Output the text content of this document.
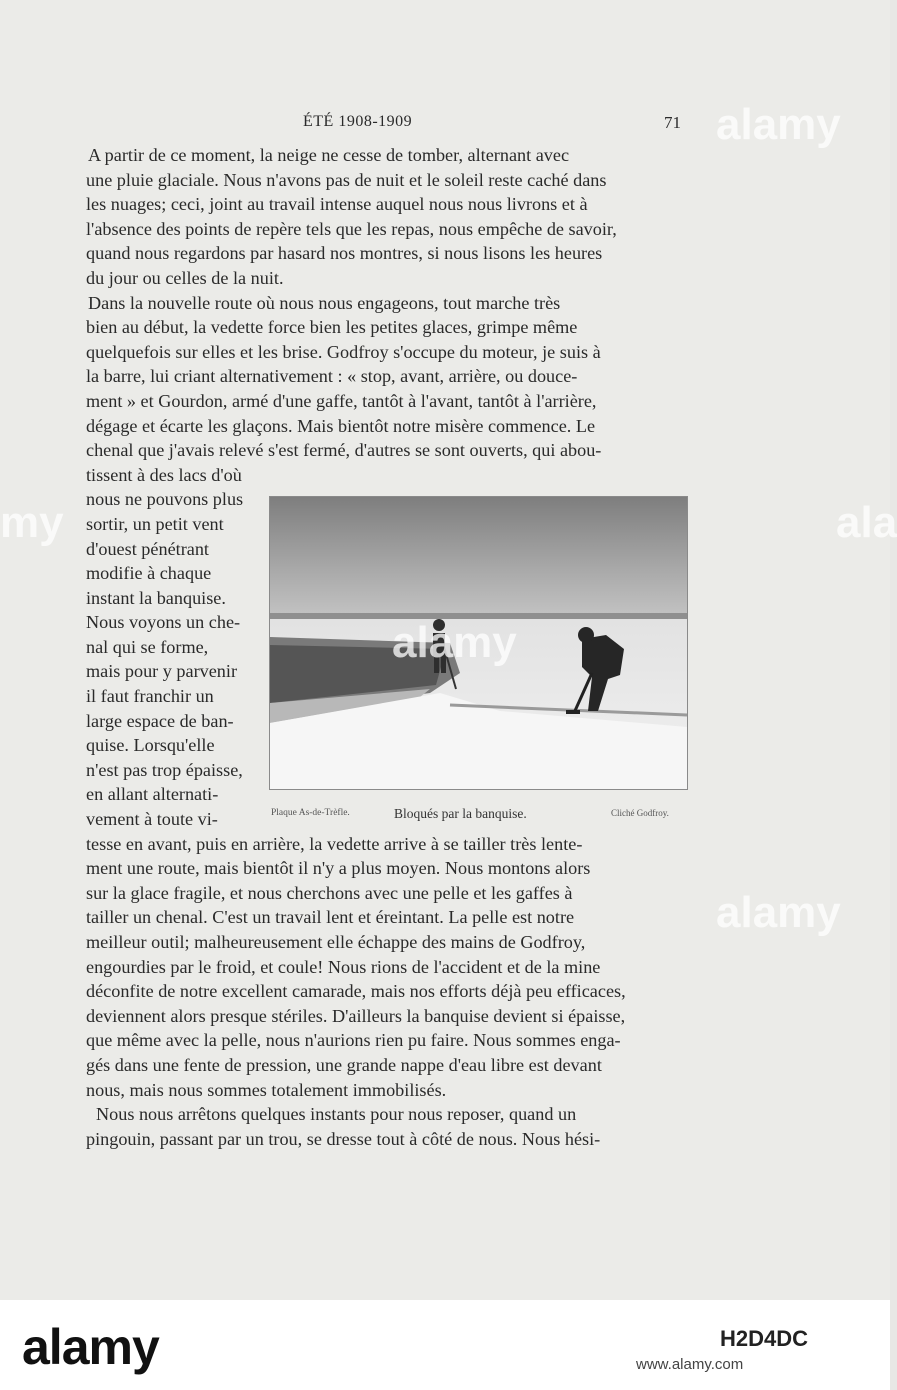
ÉTÉ 1908-1909	71

A partir de ce moment, la neige ne cesse de tomber, alternant avec
une pluie glaciale. Nous n'avons pas de nuit et le soleil reste caché dans
les nuages; ceci, joint au travail intense auquel nous nous livrons et à
l'absence des points de repère tels que les repas, nous empêche de savoir,
quand nous regardons par hasard nos montres, si nous lisons les heures
du jour ou celles de la nuit.

Dans la nouvelle route où nous nous engageons, tout marche très
bien au début, la vedette force bien les petites glaces, grimpe même
quelquefois sur elles et les brise. Godfroy s'occupe du moteur, je suis à
la barre, lui criant alternativement : « stop, avant, arrière, ou douce-
ment » et Gourdon, armé d'une gaffe, tantôt à l'avant, tantôt à l'arrière,
dégage et écarte les glaçons. Mais bientôt notre misère commence. Le
chenal que j'avais relevé s'est fermé, d'autres se sont ouverts, qui abou-

tissent à des lacs d'où
nous ne pouvons plus
sortir, un petit vent
d'ouest pénétrant
modifie à chaque
instant la banquise.
Nous voyons un che-
nal qui se forme,
mais pour y parvenir
il faut franchir un
large espace de ban-
quise. Lorsqu'elle
n'est pas trop épaisse,
en allant alternati-
vement à toute vi-

tesse en avant, puis en arrière, la vedette arrive à se tailler très lente-
ment une route, mais bientôt il n'y a plus moyen. Nous montons alors
sur la glace fragile, et nous cherchons avec une pelle et les gaffes à
tailler un chenal. C'est un travail lent et éreintant. La pelle est notre
meilleur outil; malheureusement elle échappe des mains de Godfroy,
engourdies par le froid, et coule! Nous rions de l'accident et de la mine
déconfite de notre excellent camarade, mais nos efforts déjà peu efficaces,
deviennent alors presque stériles. D'ailleurs la banquise devient si épaisse,
que même avec la pelle, nous n'aurions rien pu faire. Nous sommes enga-
gés dans une fente de pression, une grande nappe d'eau libre est devant
nous, mais nous sommes totalement immobilisés.

Nous nous arrêtons quelques instants pour nous reposer, quand un
pingouin, passant par un trou, se dresse tout à côté de nous. Nous hési-

Plaque As-de-Trèfle.	Bloqués par la banquise.	Cliché Godfroy.
alamy
my
alamy
ala
alamy
alamy	H2D4DC
www.alamy.com
